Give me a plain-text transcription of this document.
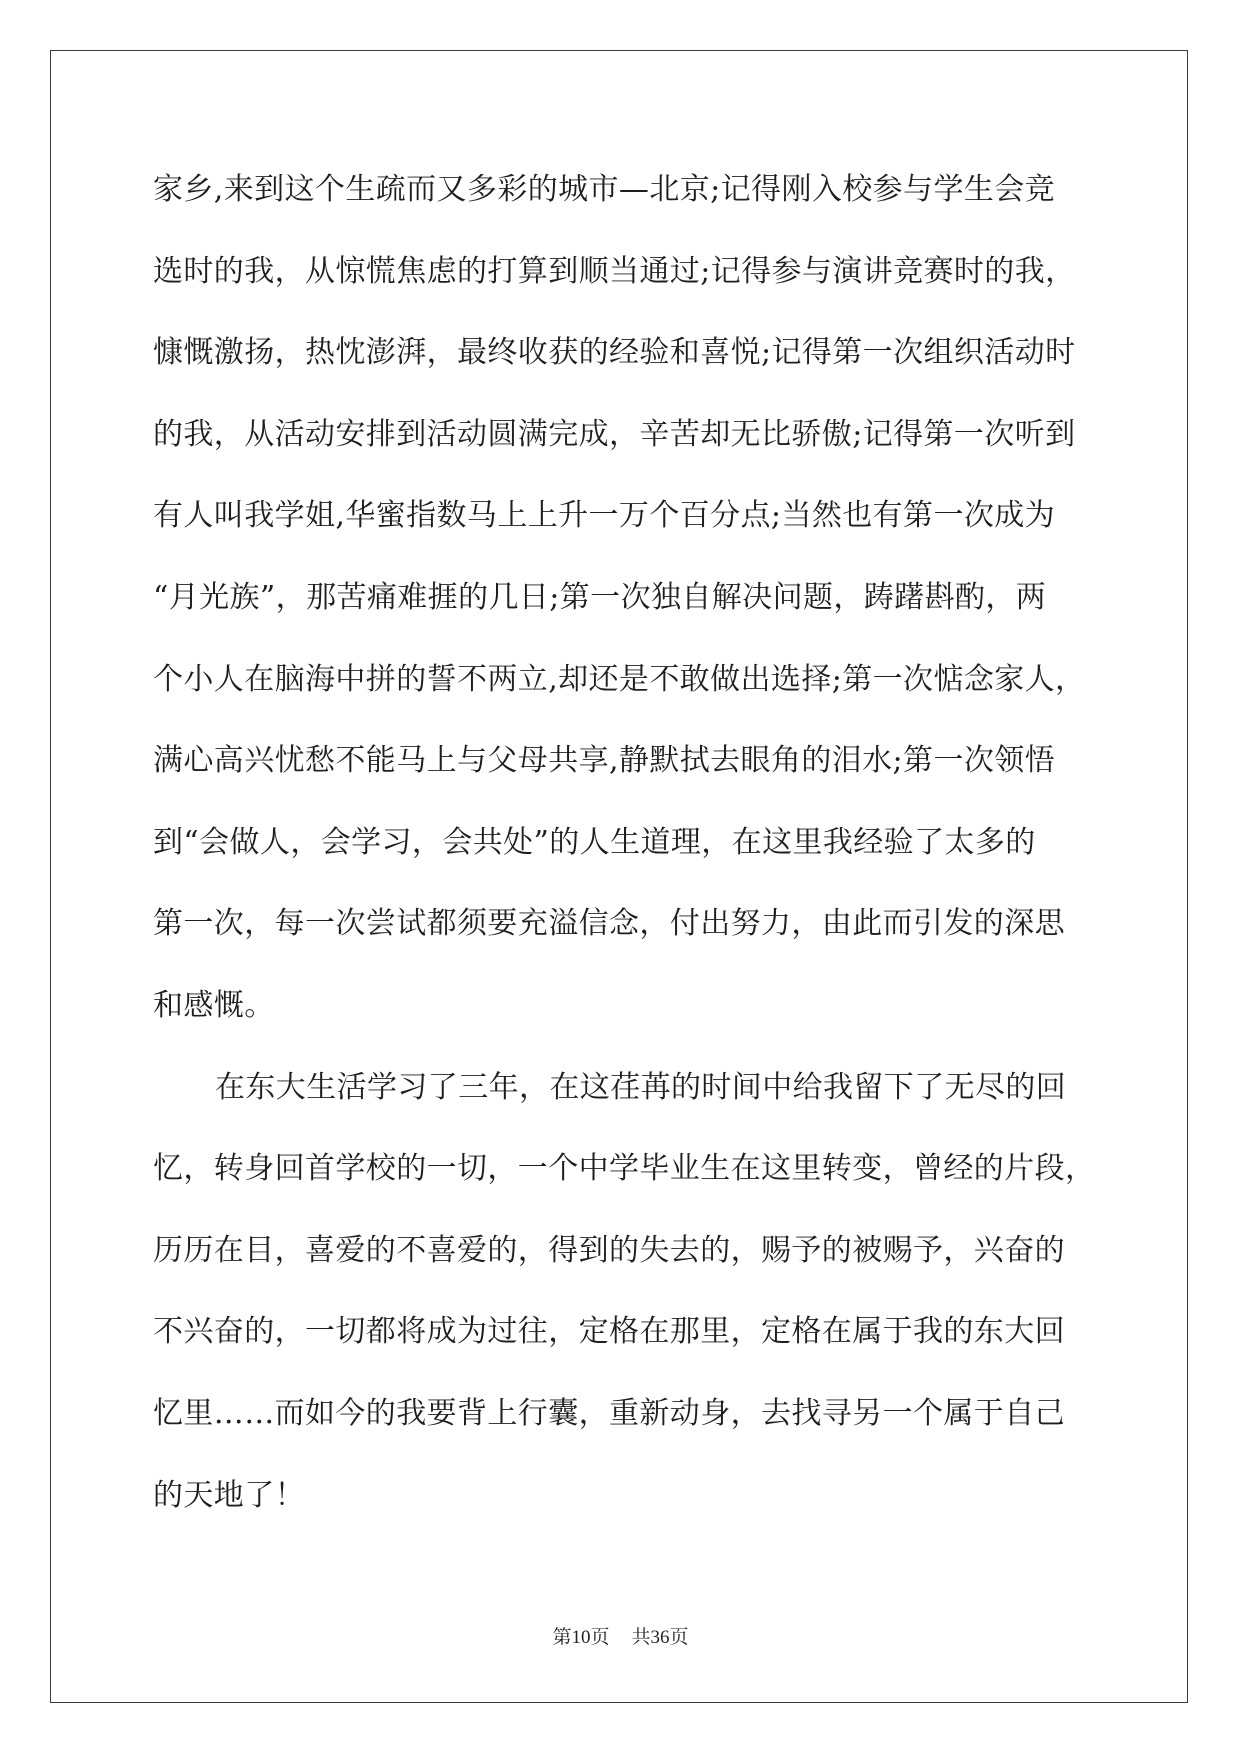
家乡,来到这个生疏而又多彩的城市—北京;记得刚入校参与学生会竞
选时的我，从惊慌焦虑的打算到顺当通过;记得参与演讲竞赛时的我，
慷慨激扬，热忱澎湃，最终收获的经验和喜悦;记得第一次组织活动时
的我，从活动安排到活动圆满完成，辛苦却无比骄傲;记得第一次听到
有人叫我学姐,华蜜指数马上上升一万个百分点;当然也有第一次成为
“月光族”，那苦痛难捱的几日;第一次独自解决问题，踌躇斟酌，两
个小人在脑海中拼的誓不两立,却还是不敢做出选择;第一次惦念家人，
满心高兴忧愁不能马上与父母共享,静默拭去眼角的泪水;第一次领悟
到“会做人，会学习，会共处”的人生道理，在这里我经验了太多的
第一次，每一次尝试都须要充溢信念，付出努力，由此而引发的深思
和感慨。
在东大生活学习了三年，在这荏苒的时间中给我留下了无尽的回
忆，转身回首学校的一切，一个中学毕业生在这里转变，曾经的片段，
历历在目，喜爱的不喜爱的，得到的失去的，赐予的被赐予，兴奋的
不兴奋的，一切都将成为过往，定格在那里，定格在属于我的东大回
忆里……而如今的我要背上行囊，重新动身，去找寻另一个属于自己
的天地了！
第10页 共36页
